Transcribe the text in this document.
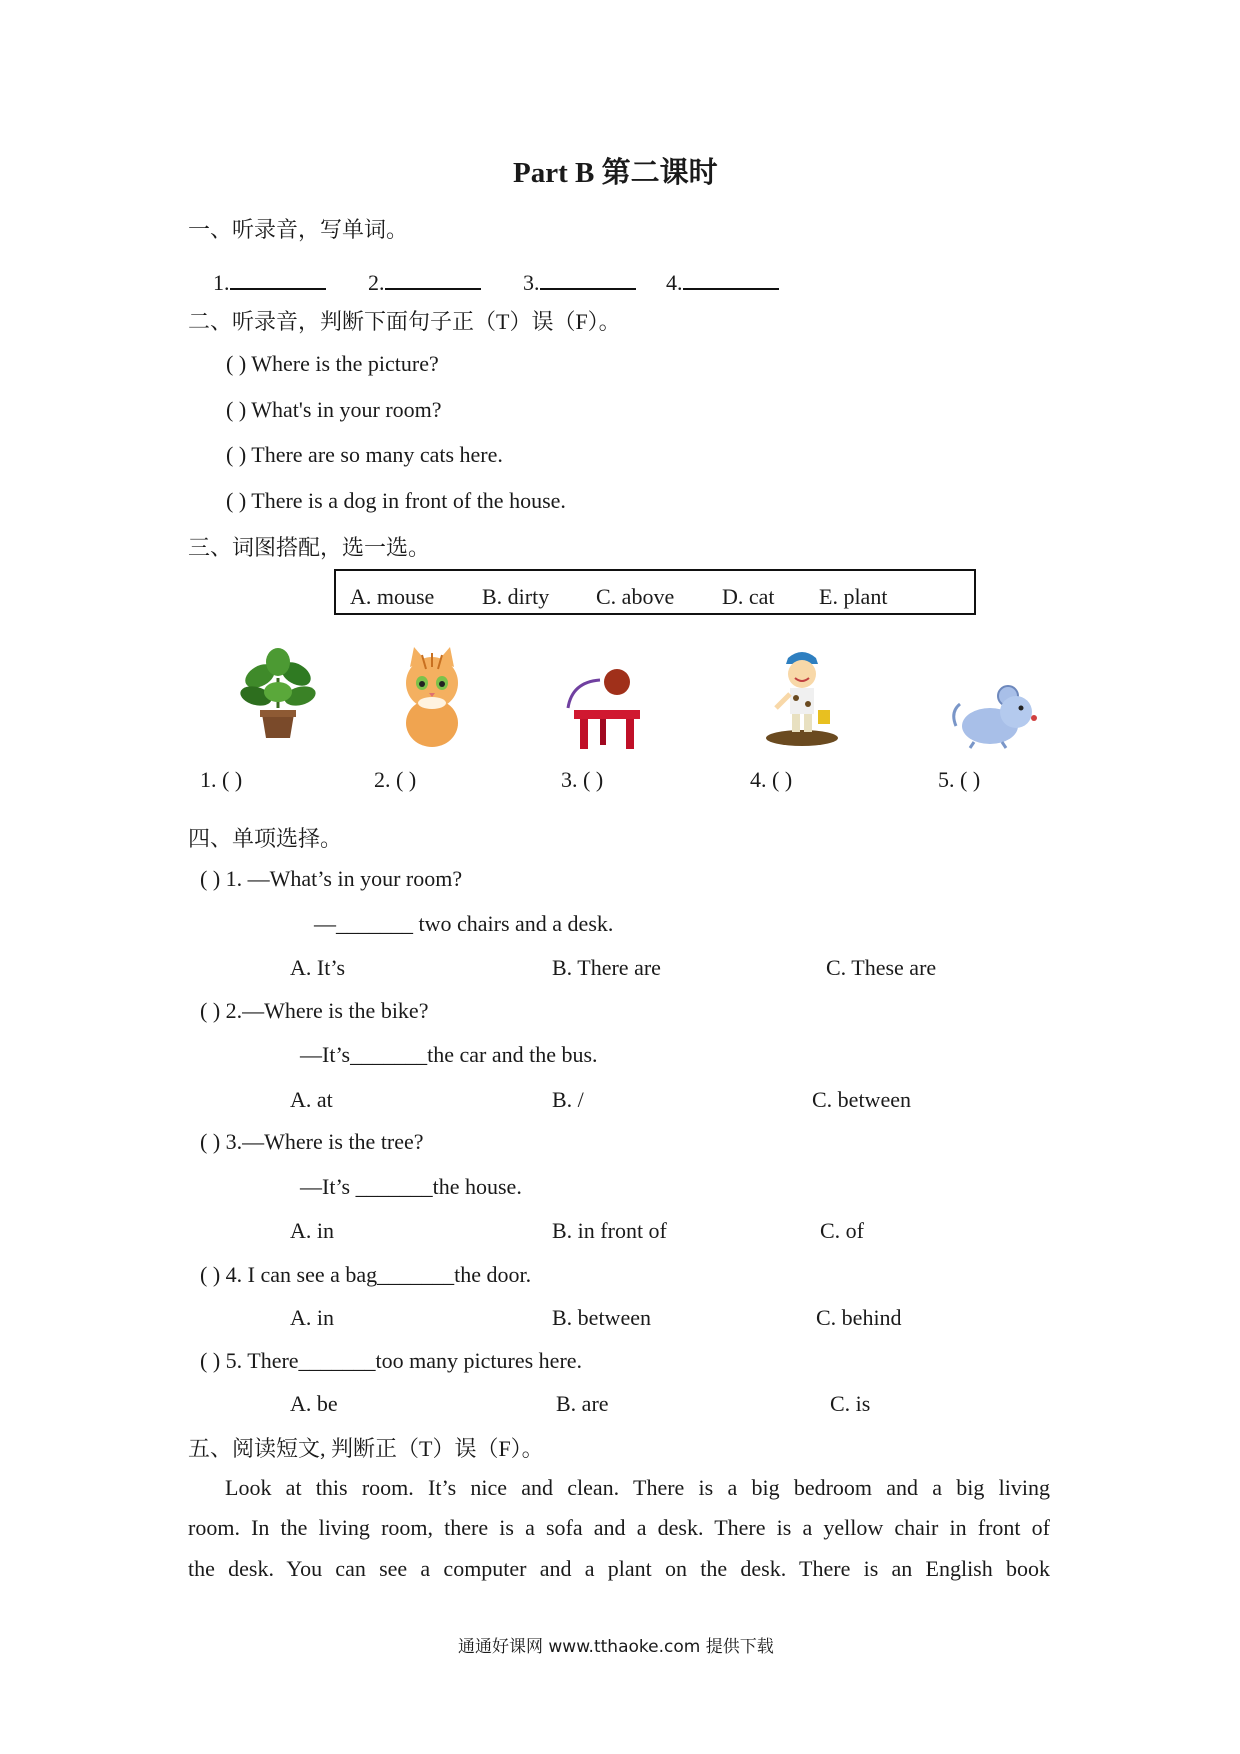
Part B 第二课时
一、听录音，写单词。
1.	2.	3.	4.
二、听录音，判断下面句子正（T）误（F）。
( ) Where is the picture?
( ) What's in your room?
( ) There are so many cats here.
( ) There is a dog in front of the house.
三、词图搭配，选一选。
A. mouse B. dirty C. above D. cat E. plant
1. ( )	2. ( )	3. ( )	4. ( )	5. ( )
四、单项选择。
( ) 1. —What’s in your room?
—_______ two chairs and a desk.
A. It’s	B. There are	C. These are
( ) 2.—Where is the bike?
—It’s_______the car and the bus.
A. at	B. /	C. between
( ) 3.—Where is the tree?
—It’s _______the house.
A. in	B. in front of	C. of
( ) 4. I can see a bag_______the door.
A. in	B. between	C. behind
( ) 5. There_______too many pictures here.
A. be	B. are	C. is
五、阅读短文, 判断正（T）误（F）。
Look at this room. It’s nice and clean. There is a big bedroom and a big living
room. In the living room, there is a sofa and a desk. There is a yellow chair in front of
the desk. You can see a computer and a plant on the desk. There is an English book
通通好课网 www.tthaoke.com 提供下载
